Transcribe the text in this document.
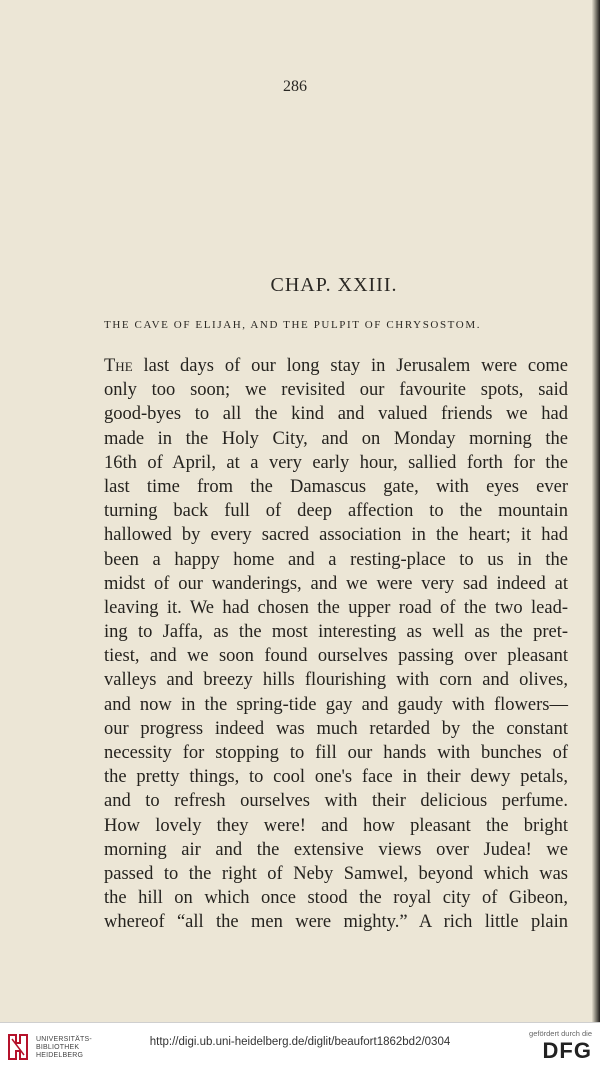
286
CHAP. XXIII.
THE CAVE OF ELIJAH, AND THE PULPIT OF CHRYSOSTOM.
The last days of our long stay in Jerusalem were come
only too soon; we revisited our favourite spots, said
good-byes to all the kind and valued friends we had
made in the Holy City, and on Monday morning the
16th of April, at a very early hour, sallied forth for the
last time from the Damascus gate, with eyes ever
turning back full of deep affection to the mountain
hallowed by every sacred association in the heart; it had
been a happy home and a resting-place to us in the
midst of our wanderings, and we were very sad indeed at
leaving it. We had chosen the upper road of the two lead-
ing to Jaffa, as the most interesting as well as the pret-
tiest, and we soon found ourselves passing over pleasant
valleys and breezy hills flourishing with corn and olives,
and now in the spring-tide gay and gaudy with flowers—
our progress indeed was much retarded by the constant
necessity for stopping to fill our hands with bunches of
the pretty things, to cool one's face in their dewy petals,
and to refresh ourselves with their delicious perfume.
How lovely they were! and how pleasant the bright
morning air and the extensive views over Judea! we
passed to the right of Neby Samwel, beyond which was
the hill on which once stood the royal city of Gibeon,
whereof “all the men were mighty.” A rich little plain
UNIVERSITÄTS- BIBLIOTHEK HEIDELBERG
http://digi.ub.uni-heidelberg.de/diglit/beaufort1862bd2/0304
gefördert durch die
DFG
